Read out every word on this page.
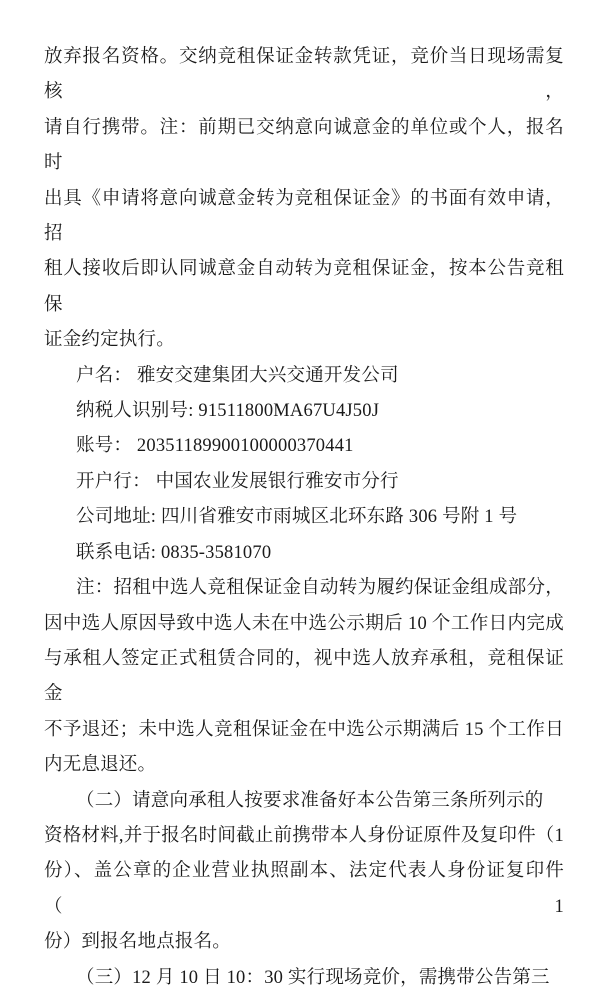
放弃报名资格。交纳竞租保证金转款凭证，竞价当日现场需复核，
请自行携带。注：前期已交纳意向诚意金的单位或个人，报名时
出具《申请将意向诚意金转为竞租保证金》的书面有效申请，招
租人接收后即认同诚意金自动转为竞租保证金，按本公告竞租保
证金约定执行。
户名： 雅安交建集团大兴交通开发公司
纳税人识别号: 91511800MA67U4J50J
账号： 20351189900100000370441
开户行： 中国农业发展银行雅安市分行
公司地址: 四川省雅安市雨城区北环东路 306 号附 1 号
联系电话: 0835-3581070
注：招租中选人竞租保证金自动转为履约保证金组成部分，
因中选人原因导致中选人未在中选公示期后 10 个工作日内完成
与承租人签定正式租赁合同的，视中选人放弃承租，竞租保证金
不予退还；未中选人竞租保证金在中选公示期满后 15 个工作日
内无息退还。
（二）请意向承租人按要求准备好本公告第三条所列示的
资格材料,并于报名时间截止前携带本人身份证原件及复印件（1
份）、盖公章的企业营业执照副本、法定代表人身份证复印件（1
份）到报名地点报名。
（三）12 月 10 日 10：30 实行现场竞价，需携带公告第三
